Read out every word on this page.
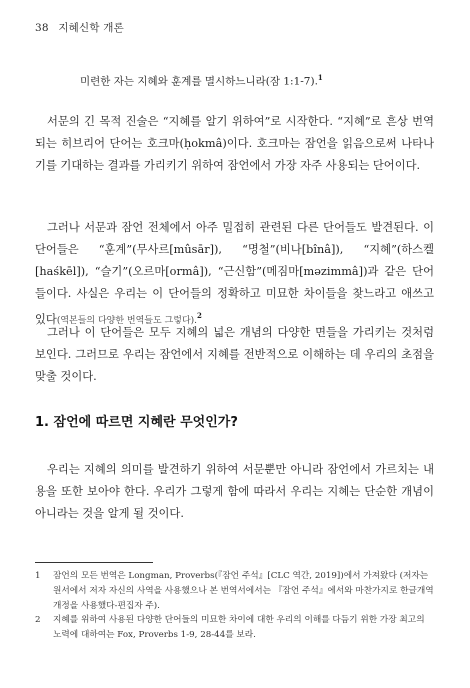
38 지혜신학 개론
미련한 자는 지혜와 훈계를 멸시하느니라(잠 1:1-7).$^1$

서문의 긴 목적 진술은 “지혜를 알기 위하여”로 시작한다. “지혜”로 흔상 번역되는 히브리어 단어는 호크마(ḥokmâ)이다. 호크마는 잠언을 읽음으로써 나타나기를 기대하는 결과를 가리키기 위하여 잠언에서 가장 자주 사용되는 단어이다.

그러나 서문과 잠언 전체에서 아주 밀접히 관련된 다른 단어들도 발견된다. 이 단어들은 “훈계”(무사르[mûsār]), “명철”(비나[bînâ]), “지혜”(하스켈[haśkēl]), “슬기”(오르마[ormâ]), “근신함”(메짐마[məzimmâ])과 같은 단어들이다. 사실은 우리는 이 단어들의 정확하고 미묘한 차이들을 찾느라고 애쓰고 있다(역본들의 다양한 번역들도 그렇다).$^2$

그러나 이 단어들은 모두 지혜의 넓은 개념의 다양한 면들을 가리키는 것처럼 보인다. 그러므로 우리는 잠언에서 지혜를 전반적으로 이해하는 데 우리의 초점을 맞출 것이다.

1. 잠언에 따르면 지혜란 무엇인가?

우리는 지혜의 의미를 발견하기 위하여 서문뿐만 아니라 잠언에서 가르치는 내용을 또한 보아야 한다. 우리가 그렇게 함에 따라서 우리는 지혜는 단순한 개념이 아니라는 것을 알게 될 것이다.

1 잠언의 모든 번역은 Longman, Proverbs(『잠언 주석』[CLC 역간, 2019])에서 가져왔다 (저자는 원서에서 저자 자신의 사역을 사용했으나 본 번역서에서는 『잠언 주석』에서와 마찬가지로 한글개역개정을 사용했다-편집자 주).
2 지혜를 위하여 사용된 다양한 단어들의 미묘한 차이에 대한 우리의 이해를 다듬기 위한 가장 최고의 노력에 대하여는 Fox, Proverbs 1-9, 28-44를 보라.
